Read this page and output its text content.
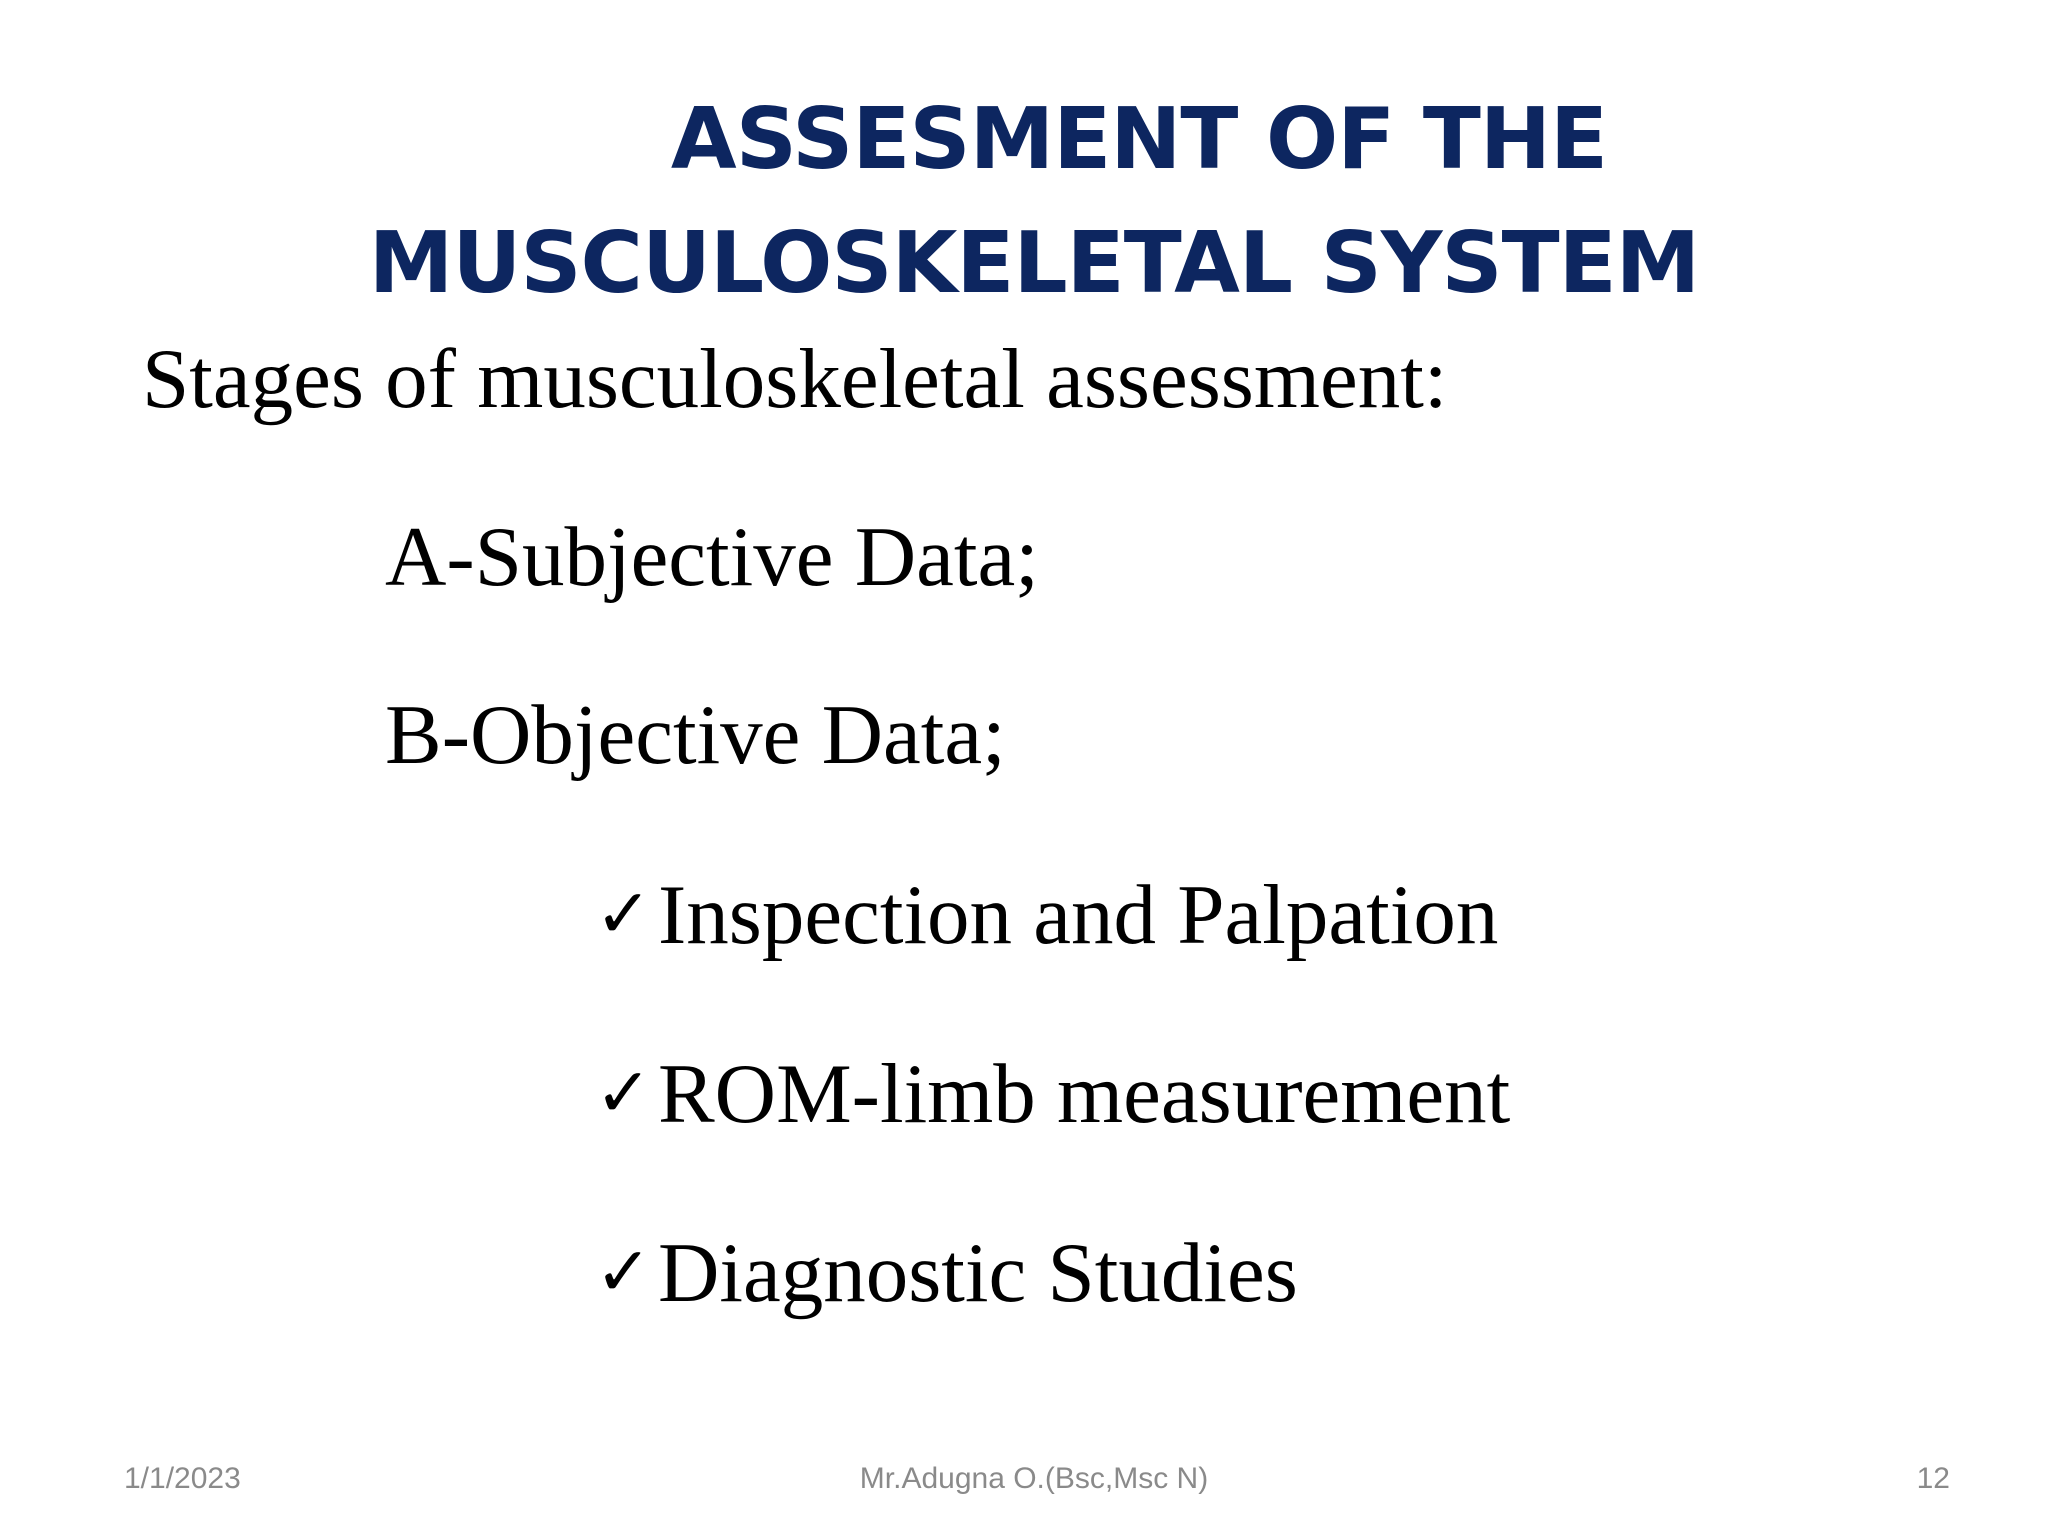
ASSESMENT OF THE
MUSCULOSKELETAL SYSTEM
Stages of musculoskeletal assessment:
A-Subjective Data;
B-Objective Data;
✓Inspection and Palpation
✓ROM-limb measurement
✓Diagnostic Studies
1/1/2023	Mr.Adugna O.(Bsc,Msc N)	12
